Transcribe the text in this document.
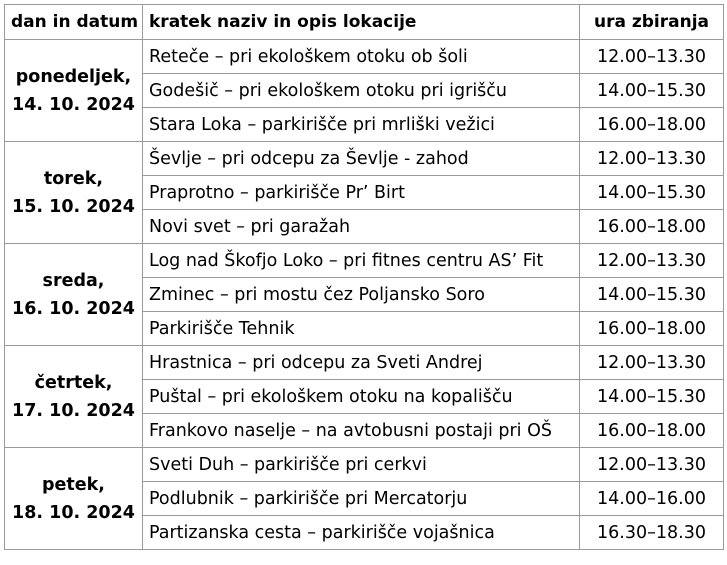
dan in datum	kratek naziv in opis lokacije	ura zbiranja

ponedeljek,
14. 10. 2024	Reteče – pri ekološkem otoku ob šoli	12.00–13.30
	Godešič – pri ekološkem otoku pri igrišču	14.00–15.30
	Stara Loka – parkirišče pri mrliški vežici	16.00–18.00

torek,
15. 10. 2024	Ševlje – pri odcepu za Ševlje - zahod	12.00–13.30
	Praprotno – parkirišče Pr’ Birt	14.00–15.30
	Novi svet – pri garažah	16.00–18.00

sreda,
16. 10. 2024	Log nad Škofjo Loko – pri fitnes centru AS’ Fit	12.00–13.30
	Zminec – pri mostu čez Poljansko Soro	14.00–15.30
	Parkirišče Tehnik	16.00–18.00

četrtek,
17. 10. 2024	Hrastnica – pri odcepu za Sveti Andrej	12.00–13.30
	Puštal – pri ekološkem otoku na kopališču	14.00–15.30
	Frankovo naselje – na avtobusni postaji pri OŠ	16.00–18.00

petek,
18. 10. 2024	Sveti Duh – parkirišče pri cerkvi	12.00–13.30
	Podlubnik – parkirišče pri Mercatorju	14.00–16.00
	Partizanska cesta – parkirišče vojašnica	16.30–18.30
